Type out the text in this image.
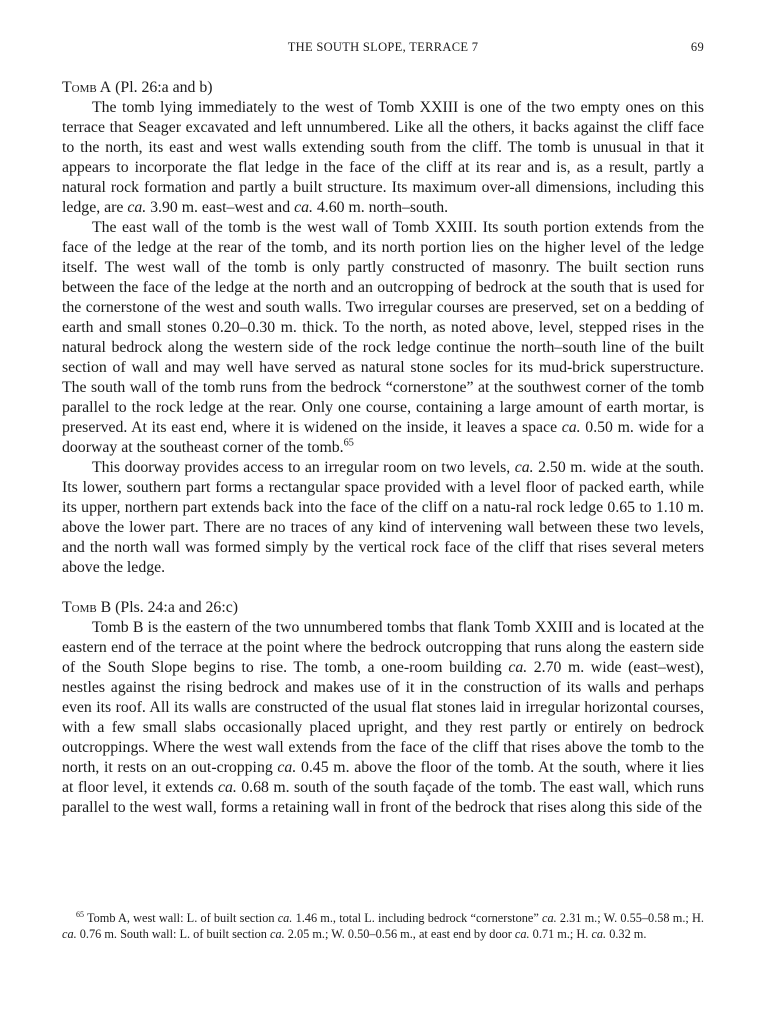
THE SOUTH SLOPE, TERRACE 7	69
Tomb A (Pl. 26:a and b)

The tomb lying immediately to the west of Tomb XXIII is one of the two empty ones on this terrace that Seager excavated and left unnumbered. Like all the others, it backs against the cliff face to the north, its east and west walls extending south from the cliff. The tomb is unusual in that it appears to incorporate the flat ledge in the face of the cliff at its rear and is, as a result, partly a natural rock formation and partly a built structure. Its maximum over-all dimensions, including this ledge, are ca. 3.90 m. east–west and ca. 4.60 m. north–south.

The east wall of the tomb is the west wall of Tomb XXIII. Its south portion extends from the face of the ledge at the rear of the tomb, and its north portion lies on the higher level of the ledge itself. The west wall of the tomb is only partly constructed of masonry. The built section runs between the face of the ledge at the north and an outcropping of bedrock at the south that is used for the cornerstone of the west and south walls. Two irregular courses are preserved, set on a bedding of earth and small stones 0.20–0.30 m. thick. To the north, as noted above, level, stepped rises in the natural bedrock along the western side of the rock ledge continue the north–south line of the built section of wall and may well have served as natural stone socles for its mud-brick superstructure. The south wall of the tomb runs from the bedrock “cornerstone” at the southwest corner of the tomb parallel to the rock ledge at the rear. Only one course, containing a large amount of earth mortar, is preserved. At its east end, where it is widened on the inside, it leaves a space ca. 0.50 m. wide for a doorway at the southeast corner of the tomb.$^{65}$

This doorway provides access to an irregular room on two levels, ca. 2.50 m. wide at the south. Its lower, southern part forms a rectangular space provided with a level floor of packed earth, while its upper, northern part extends back into the face of the cliff on a natu-ral rock ledge 0.65 to 1.10 m. above the lower part. There are no traces of any kind of intervening wall between these two levels, and the north wall was formed simply by the vertical rock face of the cliff that rises several meters above the ledge.

Tomb B (Pls. 24:a and 26:c)

Tomb B is the eastern of the two unnumbered tombs that flank Tomb XXIII and is located at the eastern end of the terrace at the point where the bedrock outcropping that runs along the eastern side of the South Slope begins to rise. The tomb, a one-room building ca. 2.70 m. wide (east–west), nestles against the rising bedrock and makes use of it in the construction of its walls and perhaps even its roof. All its walls are constructed of the usual flat stones laid in irregular horizontal courses, with a few small slabs occasionally placed upright, and they rest partly or entirely on bedrock outcroppings. Where the west wall extends from the face of the cliff that rises above the tomb to the north, it rests on an out-cropping ca. 0.45 m. above the floor of the tomb. At the south, where it lies at floor level, it extends ca. 0.68 m. south of the south façade of the tomb. The east wall, which runs parallel to the west wall, forms a retaining wall in front of the bedrock that rises along this side of the

$^{65}$ Tomb A, west wall: L. of built section ca. 1.46 m., total L. including bedrock “cornerstone” ca. 2.31 m.; W. 0.55–0.58 m.; H. ca. 0.76 m. South wall: L. of built section ca. 2.05 m.; W. 0.50–0.56 m., at east end by door ca. 0.71 m.; H. ca. 0.32 m.
